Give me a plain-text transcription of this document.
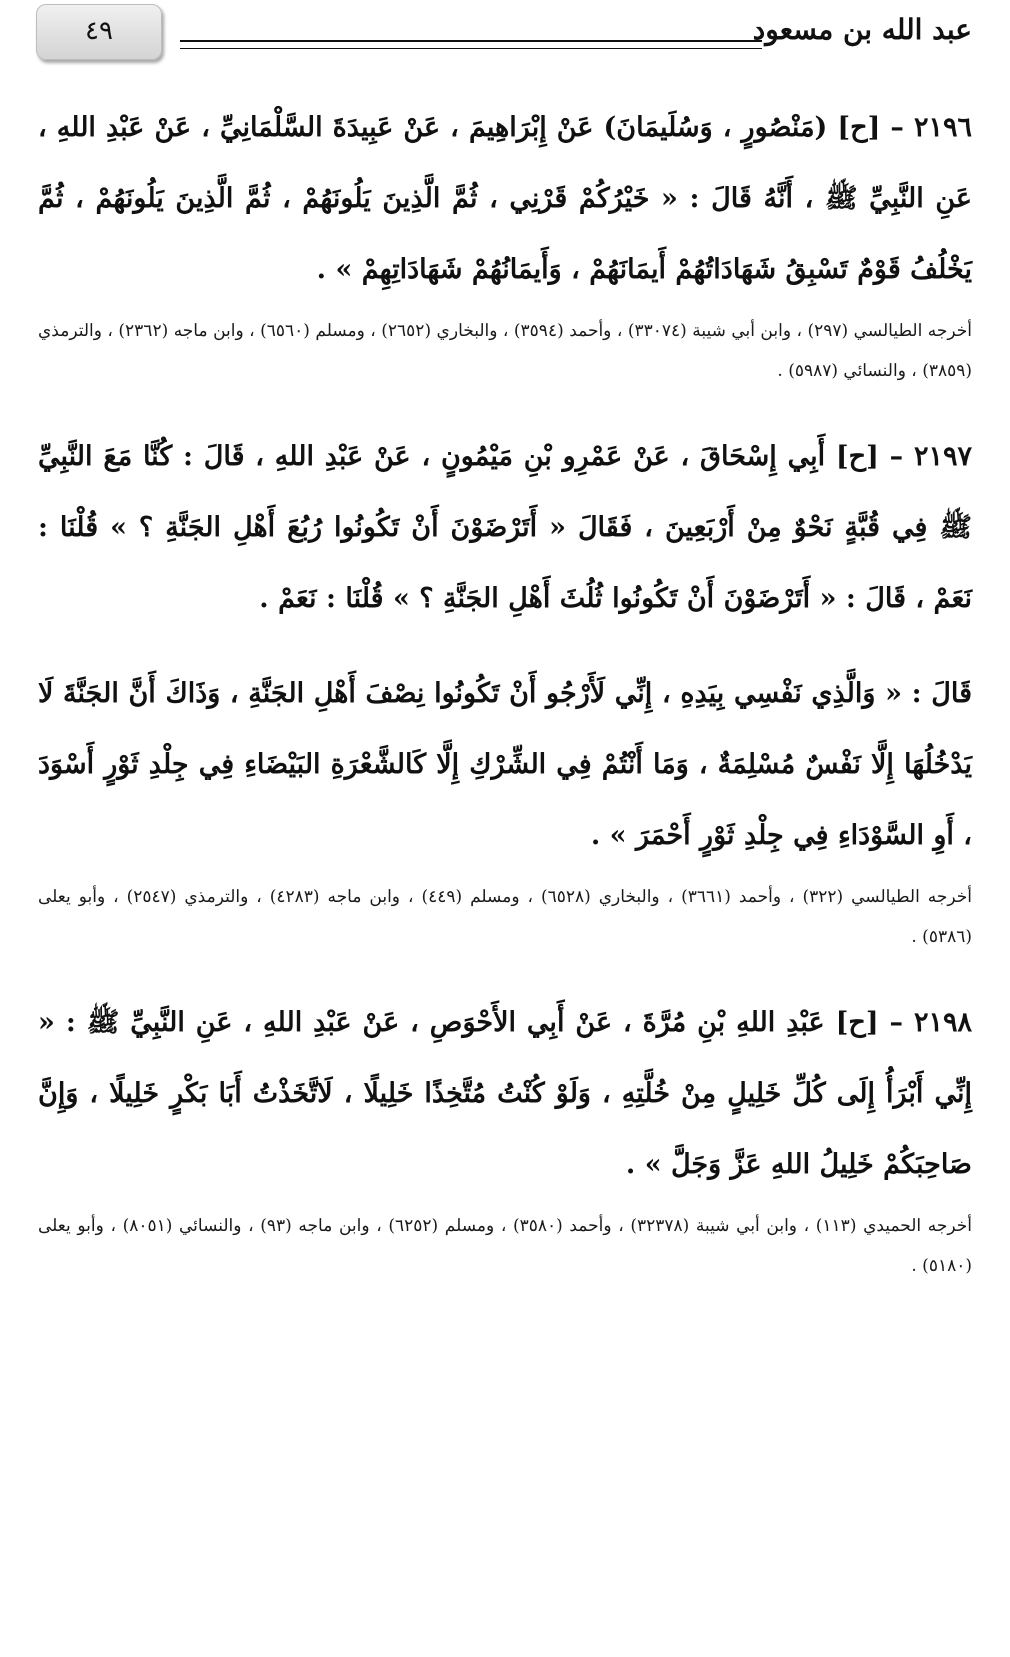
عبد الله بن مسعود
٤٩

٢١٩٦ – [ح] (مَنْصُورٍ ، وَسُلَيمَانَ) عَنْ إِبْرَاهِيمَ ، عَنْ عَبِيدَةَ السَّلْمَانِيِّ ، عَنْ عَبْدِ اللهِ ، عَنِ النَّبِيِّ ﷺ ، أَنَّهُ قَالَ : « خَيْرُكُمْ قَرْنِي ، ثُمَّ الَّذِينَ يَلُونَهُمْ ، ثُمَّ الَّذِينَ يَلُونَهُمْ ، ثُمَّ يَخْلُفُ قَوْمٌ تَسْبِقُ شَهَادَاتُهُمْ أَيمَانَهُمْ ، وَأَيمَانُهُمْ شَهَادَاتِهِمْ » .

أخرجه الطيالسي (٢٩٧) ، وابن أبي شيبة (٣٣٠٧٤) ، وأحمد (٣٥٩٤) ، والبخاري (٢٦٥٢) ، ومسلم (٦٥٦٠) ، وابن ماجه (٢٣٦٢) ، والترمذي (٣٨٥٩) ، والنسائي (٥٩٨٧) .

٢١٩٧ – [ح] أَبِي إِسْحَاقَ ، عَنْ عَمْرِو بْنِ مَيْمُونٍ ، عَنْ عَبْدِ اللهِ ، قَالَ : كُنَّا مَعَ النَّبِيِّ ﷺ فِي قُبَّةٍ نَحْوٌ مِنْ أَرْبَعِينَ ، فَقَالَ « أَتَرْضَوْنَ أَنْ تَكُونُوا رُبُعَ أَهْلِ الجَنَّةِ ؟ » قُلْنَا : نَعَمْ ، قَالَ : « أَتَرْضَوْنَ أَنْ تَكُونُوا ثُلُثَ أَهْلِ الجَنَّةِ ؟ » قُلْنَا : نَعَمْ .

قَالَ : « وَالَّذِي نَفْسِي بِيَدِهِ ، إِنِّي لَأَرْجُو أَنْ تَكُونُوا نِصْفَ أَهْلِ الجَنَّةِ ، وَذَاكَ أَنَّ الجَنَّةَ لَا يَدْخُلُهَا إِلَّا نَفْسٌ مُسْلِمَةٌ ، وَمَا أَنْتُمْ فِي الشِّرْكِ إِلَّا كَالشَّعْرَةِ البَيْضَاءِ فِي جِلْدِ ثَوْرٍ أَسْوَدَ ، أَوِ السَّوْدَاءِ فِي جِلْدِ ثَوْرٍ أَحْمَرَ » .

أخرجه الطيالسي (٣٢٢) ، وأحمد (٣٦٦١) ، والبخاري (٦٥٢٨) ، ومسلم (٤٤٩) ، وابن ماجه (٤٢٨٣) ، والترمذي (٢٥٤٧) ، وأبو يعلى (٥٣٨٦) .

٢١٩٨ – [ح] عَبْدِ اللهِ بْنِ مُرَّةَ ، عَنْ أَبِي الأَحْوَصِ ، عَنْ عَبْدِ اللهِ ، عَنِ النَّبِيِّ ﷺ : « إِنِّي أَبْرَأُ إِلَى كُلِّ خَلِيلٍ مِنْ خُلَّتِهِ ، وَلَوْ كُنْتُ مُتَّخِذًا خَلِيلًا ، لَاتَّخَذْتُ أَبَا بَكْرٍ خَلِيلًا ، وَإِنَّ صَاحِبَكُمْ خَلِيلُ اللهِ عَزَّ وَجَلَّ » .

أخرجه الحميدي (١١٣) ، وابن أبي شيبة (٣٢٣٧٨) ، وأحمد (٣٥٨٠) ، ومسلم (٦٢٥٢) ، وابن ماجه (٩٣) ، والنسائي (٨٠٥١) ، وأبو يعلى (٥١٨٠) .
